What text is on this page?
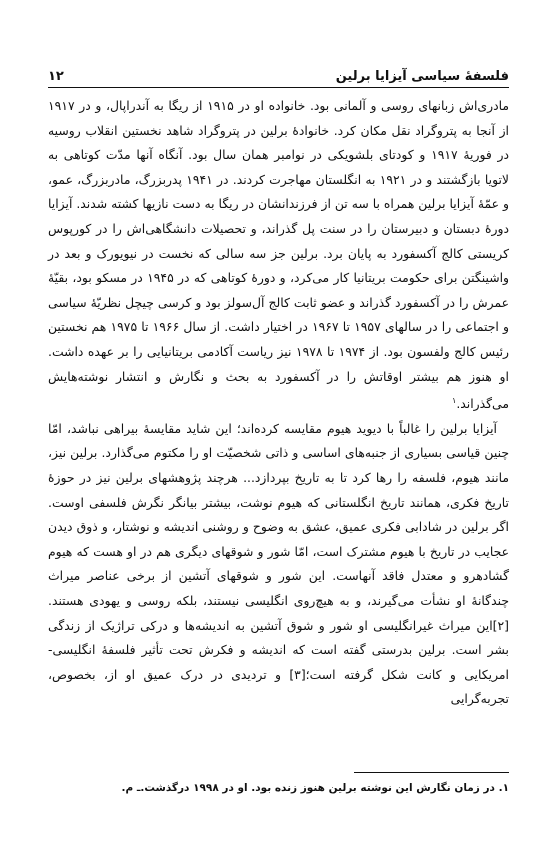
فلسفهٔ سیاسی آیزایا برلین
۱۲

مادری‌اش زبانهای روسی و آلمانی بود. خانواده او در ۱۹۱۵ از ریگا به آندراپال، و در ۱۹۱۷ از آنجا به پتروگراد نقل مکان کرد. خانوادهٔ برلین در پتروگراد شاهد نخستین انقلاب روسیه در فوریهٔ ۱۹۱۷ و کودتای بلشویکی در نوامبر همان سال بود. آنگاه آنها مدّت کوتاهی به لاتویا بازگشتند و در ۱۹۲۱ به انگلستان مهاجرت کردند. در ۱۹۴۱ پدربزرگ، مادربزرگ، عمو، و عمّهٔ آیزایا برلین همراه با سه تن از فرزندانشان در ریگا به دست نازیها کشته شدند. آیزایا دورهٔ دبستان و دبیرستان را در سنت پل گذراند، و تحصیلات دانشگاهی‌اش را در کورپوس کریستی کالج آکسفورد به پایان برد. برلین جز سه سالی که نخست در نیویورک و بعد در واشینگتن برای حکومت بریتانیا کار می‌کرد، و دورهٔ کوتاهی که در ۱۹۴۵ در مسکو بود، بقیّهٔ عمرش را در آکسفورد گذراند و عضو ثابت کالج آل‌سولز بود و کرسی چیچل نظریّهٔ سیاسی و اجتماعی را در سالهای ۱۹۵۷ تا ۱۹۶۷ در اختیار داشت. از سال ۱۹۶۶ تا ۱۹۷۵ هم نخستین رئیس کالج ولفسون بود. از ۱۹۷۴ تا ۱۹۷۸ نیز ریاست آکادمی بریتانیایی را بر عهده داشت. او هنوز هم بیشتر اوقاتش را در آکسفورد به بحث و نگارش و انتشار نوشته‌هایش می‌گذراند.$^۱$

آیزایا برلین را غالباً با دیوید هیوم مقایسه کرده‌اند؛ این شاید مقایسهٔ بیراهی نباشد، امّا چنین قیاسی بسیاری از جنبه‌های اساسی و ذاتی شخصیّت او را مکتوم می‌گذارد. برلین نیز، مانند هیوم، فلسفه را رها کرد تا به تاریخ بپردازد... هرچند پژوهشهای برلین نیز در حوزهٔ تاریخ فکری، همانند تاریخ انگلستانی که هیوم نوشت، بیشتر بیانگر نگرش فلسفی اوست. اگر برلین در شادابی فکری عمیق، عشق به وضوح و روشنی اندیشه و نوشتار، و ذوق دیدن عجایب در تاریخ با هیوم مشترک است، امّا شور و شوقهای دیگری هم در او هست که هیوم گشادهرو و معتدل فاقد آنهاست. این شور و شوقهای آتشین از برخی عناصر میراث چندگانهٔ او نشأت می‌گیرند، و به هیچ‌روی انگلیسی نیستند، بلکه روسی و یهودی هستند.[۲]این میراث غیرانگلیسی او شور و شوق آتشین به اندیشه‌ها و درکی تراژیک از زندگی بشر است. برلین بدرستی گفته است که اندیشه و فکرش تحت تأثیر فلسفهٔ انگلیسی-امریکایی و کانت شکل گرفته است؛[۳] و تردیدی در درک عمیق او از، بخصوص، تجربه‌گرایی

۱. در زمان نگارش این نوشته برلین هنوز زنده بود. او در ۱۹۹۸ درگذشت.ـ م.
